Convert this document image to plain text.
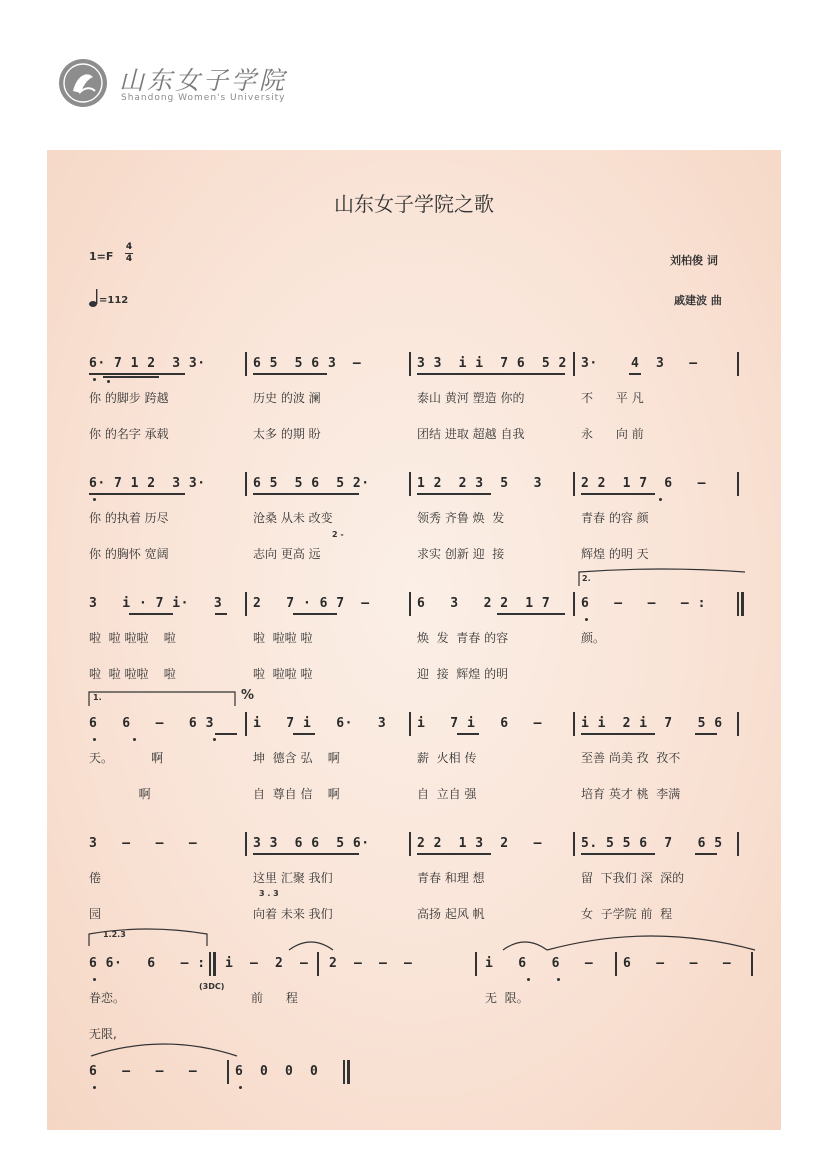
山东女子学院
Shandong Women's University
山东女子学院之歌
1=F
4
4	刘柏俊 词
=112	戚建波 曲
6· 7 1 2  3 3·	6 5  5 6 3  –	3 3  i i  7 6  5 2 3·    4  3   –
你 的脚步 跨越	历史 的波 澜	泰山 黄河 塑造 你的	不      平 凡
你 的名字 承载	太多 的期 盼	团结 进取 超越 自我	永      向 前
6· 7 1 2  3 3·	6 5  5 6  5 2·	1 2  2 3  5   3	2 2  1 7  6   –
你 的执着 历尽	沧桑 从未 改变	领秀 齐鲁 焕  发	青春 的容 颜
2 -
你 的胸怀 宽阔	志向 更高 远	求实 创新 迎  接	辉煌 的明 天
2.
3   i · 7 i·   3 2   7 · 6 7  –	6   3   2 2  1 7 6   –   –   – :
啦  啦 啦啦    啦	啦  啦啦 啦	焕  发  青春 的容	颜。
啦  啦 啦啦    啦	啦  啦啦 啦	迎  接  辉煌 的明
1.	%
6   6   –   6 3	i   7 i   6·   3 i   7 i   6   –	i i  2 i  7   5 6
天。          啊	坤  德含 弘    啊	薪  火相 传	至善 尚美 孜  孜不
啊	自  尊自 信    啊	自  立自 强	培育 英才 桃  李满
3   –   –   –	3 3  6 6  5 6·	2 2  1 3  2   –	5. 5 5 6  7   6 5
倦	这里 汇聚 我们	青春 和理 想	留  下我们 深  深的
3 . 3
园	向着 未来 我们	高扬 起风 帆	女  子学院 前  程
1.2.3
6 6·   6   – : i  –  2  –
(3DC)
2  –  –  –	i   6   6   – 6   –   –   –
眷恋。	前      程	无  限。
无限,
6   –   –   –	6  0  0  0
